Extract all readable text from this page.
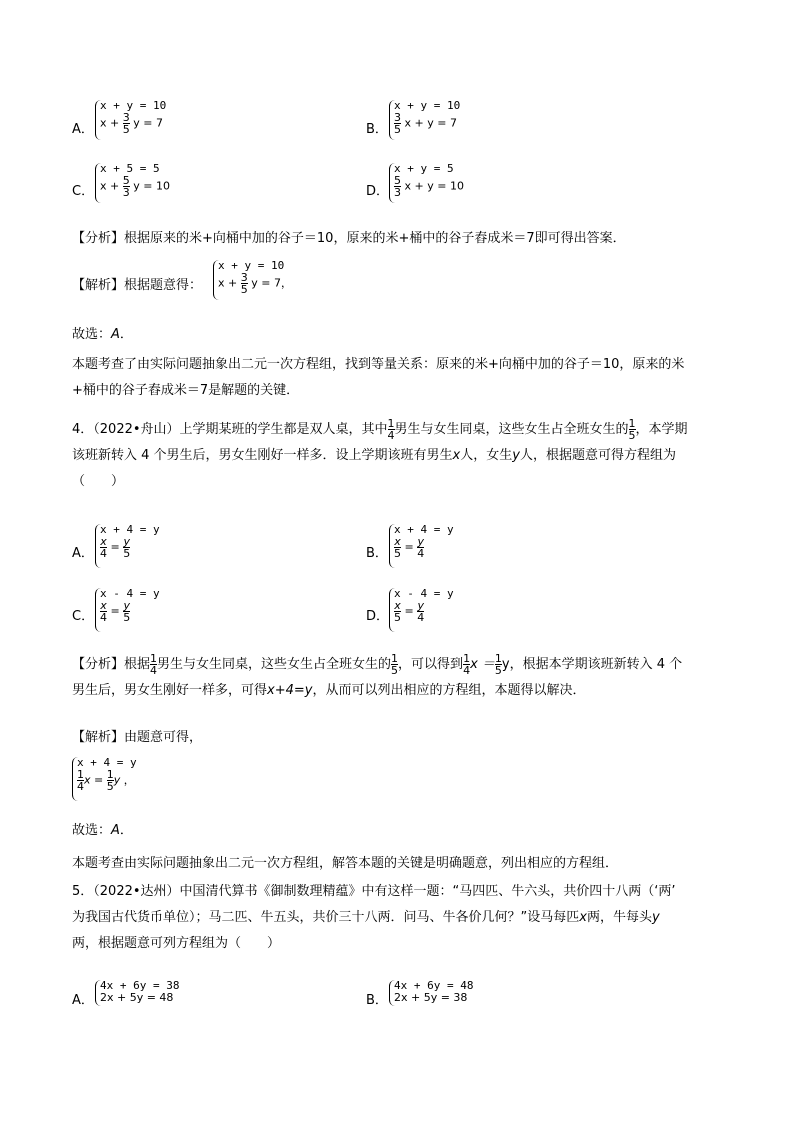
A．
x + y = 10
$x + \frac{3}{5}$ y = 7	B．
x + y = 10
$\frac{3}{5}$ x + y = 7
C．
x + 5 = 5
$x + \frac{5}{3}$ y = 10	D．
x + y = 5
$\frac{5}{3}$ x + y = 10
【分析】根据原来的米+向桶中加的谷子＝10，原来的米+桶中的谷子舂成米＝7即可得出答案．
【解析】根据题意得：
x + y = 10
$x + \frac{3}{5}$ y = 7，
故选：A．
本题考查了由实际问题抽象出二元一次方程组，找到等量关系：原来的米+向桶中加的谷子＝10，原来的米
+桶中的谷子舂成米＝7是解题的关键．
4．（2022•舟山）上学期某班的学生都是双人桌，其中 $\frac{1}{4}$ 男生与女生同桌，这些女生占全班女生的 $\frac{1}{5}$ ，本学期
该班新转入 4 个男生后，男女生刚好一样多．设上学期该班有男生x人，女生y人，根据题意可得方程组为
（　　）
A．
x + 4 = y
$\frac{x}{4} = \frac{y}{5}$	B．
x + 4 = y
$\frac{x}{5} = \frac{y}{4}$
C．
x - 4 = y
$\frac{x}{4} = \frac{y}{5}$	D．
x - 4 = y
$\frac{x}{5} = \frac{y}{4}$
【分析】根据 $\frac{1}{4}$ 男生与女生同桌，这些女生占全班女生的 $\frac{1}{5}$ ，可以得到 $\frac{1}{4}$ $x = \frac{1}{5}$ y，根据本学期该班新转入 4 个
男生后，男女生刚好一样多，可得x+4=y，从而可以列出相应的方程组，本题得以解决．
【解析】由题意可得，
x + 4 = y
$\frac{1}{4}$ $x = \frac{1}{5}$ y ，
故选：A．
本题考查由实际问题抽象出二元一次方程组，解答本题的关键是明确题意，列出相应的方程组．
5．（2022•达州）中国清代算书《御制数理精蕴》中有这样一题：“马四匹、牛六头，共价四十八两（‘两’
为我国古代货币单位）；马二匹、牛五头，共价三十八两．问马、牛各价几何？”设马每匹x两，牛每头y
两，根据题意可列方程组为（　　）
A．
4x + 6y = 38
2x + 5y = 48	B．
4x + 6y = 48
2x + 5y = 38
